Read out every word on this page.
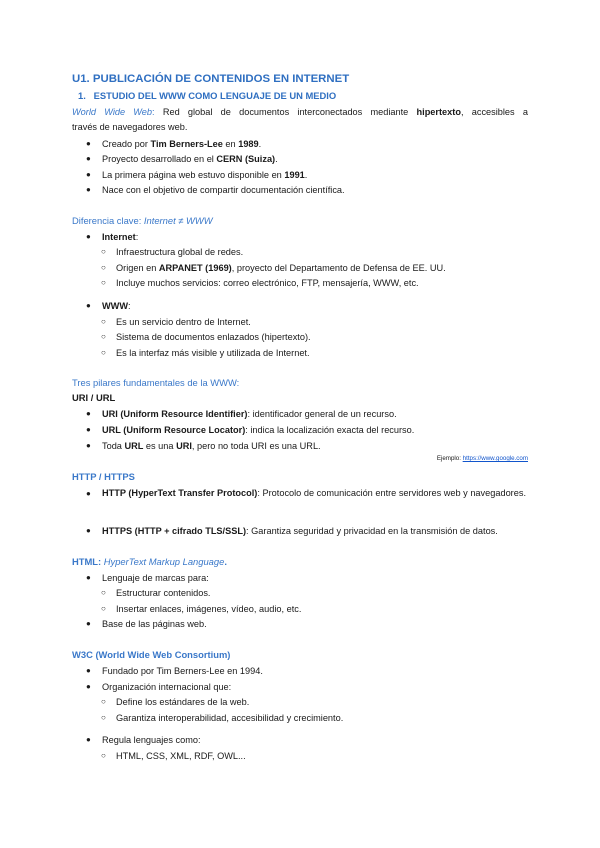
U1. PUBLICACIÓN DE CONTENIDOS EN INTERNET
1. ESTUDIO DEL WWW COMO LENGUAJE DE UN MEDIO
World Wide Web: Red global de documentos interconectados mediante hipertexto, accesibles a
través de navegadores web.
● Creado por Tim Berners-Lee en 1989.
● Proyecto desarrollado en el CERN (Suiza).
● La primera página web estuvo disponible en 1991.
● Nace con el objetivo de compartir documentación científica.
Diferencia clave: Internet ≠ WWW
● Internet:
○ Infraestructura global de redes.
○ Origen en ARPANET (1969), proyecto del Departamento de Defensa de EE. UU.
○ Incluye muchos servicios: correo electrónico, FTP, mensajería, WWW, etc.
● WWW:
○ Es un servicio dentro de Internet.
○ Sistema de documentos enlazados (hipertexto).
○ Es la interfaz más visible y utilizada de Internet.
Tres pilares fundamentales de la WWW:
URI / URL
● URI (Uniform Resource Identifier): identificador general de un recurso.
● URL (Uniform Resource Locator): indica la localización exacta del recurso.
● Toda URL es una URI, pero no toda URI es una URL.
Ejemplo: https://www.google.com
HTTP / HTTPS
● HTTP (HyperText Transfer Protocol): Protocolo de comunicación entre servidores web y navegadores.
● HTTPS (HTTP + cifrado TLS/SSL): Garantiza seguridad y privacidad en la transmisión de datos.
HTML: HyperText Markup Language.
● Lenguaje de marcas para:
○ Estructurar contenidos.
○ Insertar enlaces, imágenes, vídeo, audio, etc.
● Base de las páginas web.
W3C (World Wide Web Consortium)
● Fundado por Tim Berners-Lee en 1994.
● Organización internacional que:
○ Define los estándares de la web.
○ Garantiza interoperabilidad, accesibilidad y crecimiento.
● Regula lenguajes como:
○ HTML, CSS, XML, RDF, OWL...
